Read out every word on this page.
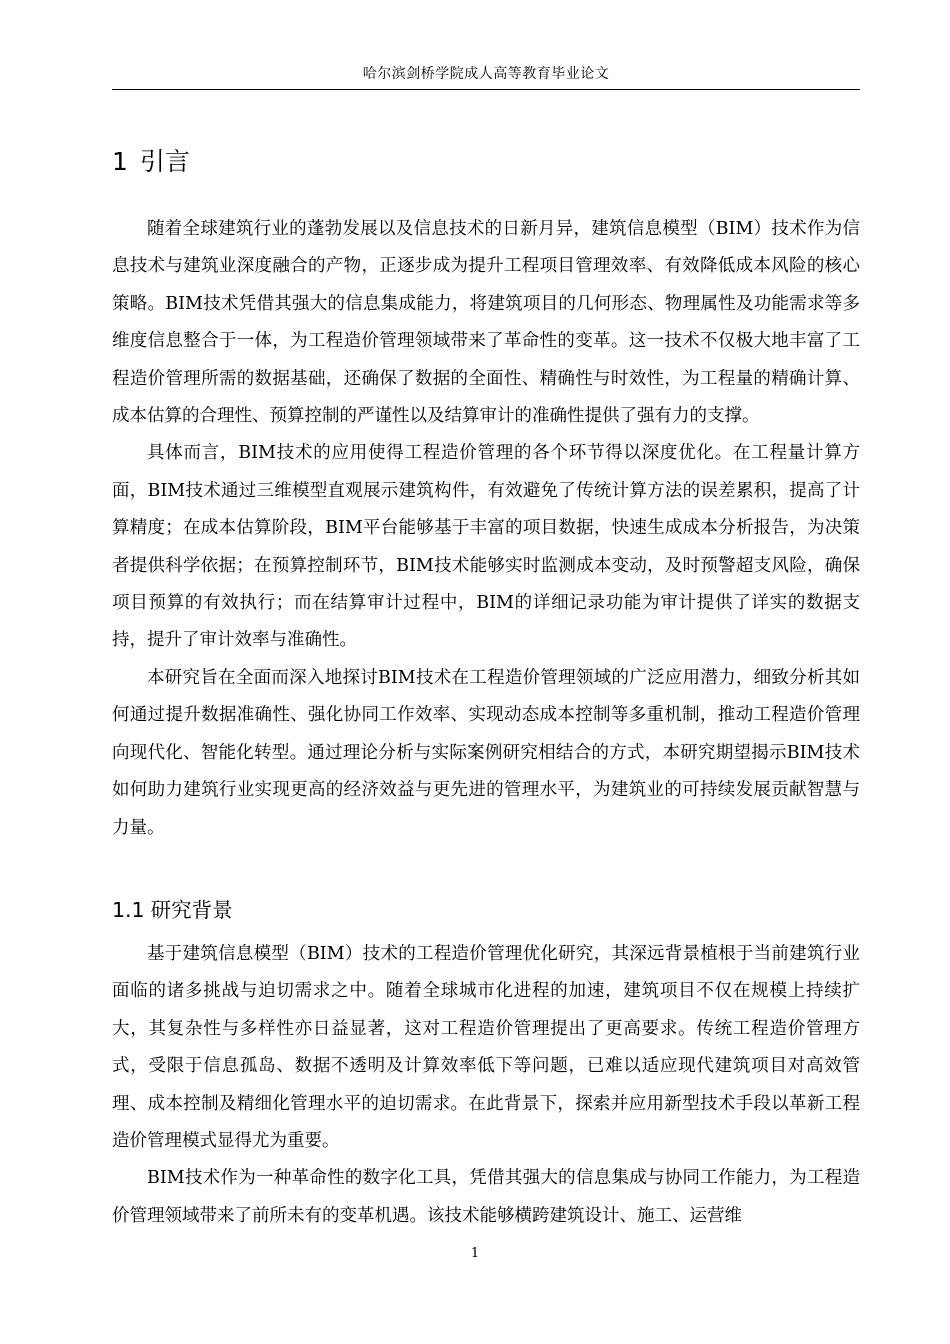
哈尔滨剑桥学院成人高等教育毕业论文
1 引言

随着全球建筑行业的蓬勃发展以及信息技术的日新月异，建筑信息模型（BIM）技术作为信息技术与建筑业深度融合的产物，正逐步成为提升工程项目管理效率、有效降低成本风险的核心策略。BIM技术凭借其强大的信息集成能力，将建筑项目的几何形态、物理属性及功能需求等多维度信息整合于一体，为工程造价管理领域带来了革命性的变革。这一技术不仅极大地丰富了工程造价管理所需的数据基础，还确保了数据的全面性、精确性与时效性，为工程量的精确计算、成本估算的合理性、预算控制的严谨性以及结算审计的准确性提供了强有力的支撑。

具体而言，BIM技术的应用使得工程造价管理的各个环节得以深度优化。在工程量计算方面，BIM技术通过三维模型直观展示建筑构件，有效避免了传统计算方法的误差累积，提高了计算精度；在成本估算阶段，BIM平台能够基于丰富的项目数据，快速生成成本分析报告，为决策者提供科学依据；在预算控制环节，BIM技术能够实时监测成本变动，及时预警超支风险，确保项目预算的有效执行；而在结算审计过程中，BIM的详细记录功能为审计提供了详实的数据支持，提升了审计效率与准确性。

本研究旨在全面而深入地探讨BIM技术在工程造价管理领域的广泛应用潜力，细致分析其如何通过提升数据准确性、强化协同工作效率、实现动态成本控制等多重机制，推动工程造价管理向现代化、智能化转型。通过理论分析与实际案例研究相结合的方式，本研究期望揭示BIM技术如何助力建筑行业实现更高的经济效益与更先进的管理水平，为建筑业的可持续发展贡献智慧与力量。

1.1 研究背景

基于建筑信息模型（BIM）技术的工程造价管理优化研究，其深远背景植根于当前建筑行业面临的诸多挑战与迫切需求之中。随着全球城市化进程的加速，建筑项目不仅在规模上持续扩大，其复杂性与多样性亦日益显著，这对工程造价管理提出了更高要求。传统工程造价管理方式，受限于信息孤岛、数据不透明及计算效率低下等问题，已难以适应现代建筑项目对高效管理、成本控制及精细化管理水平的迫切需求。在此背景下，探索并应用新型技术手段以革新工程造价管理模式显得尤为重要。

BIM技术作为一种革命性的数字化工具，凭借其强大的信息集成与协同工作能力，为工程造价管理领域带来了前所未有的变革机遇。该技术能够横跨建筑设计、施工、运营维

1
